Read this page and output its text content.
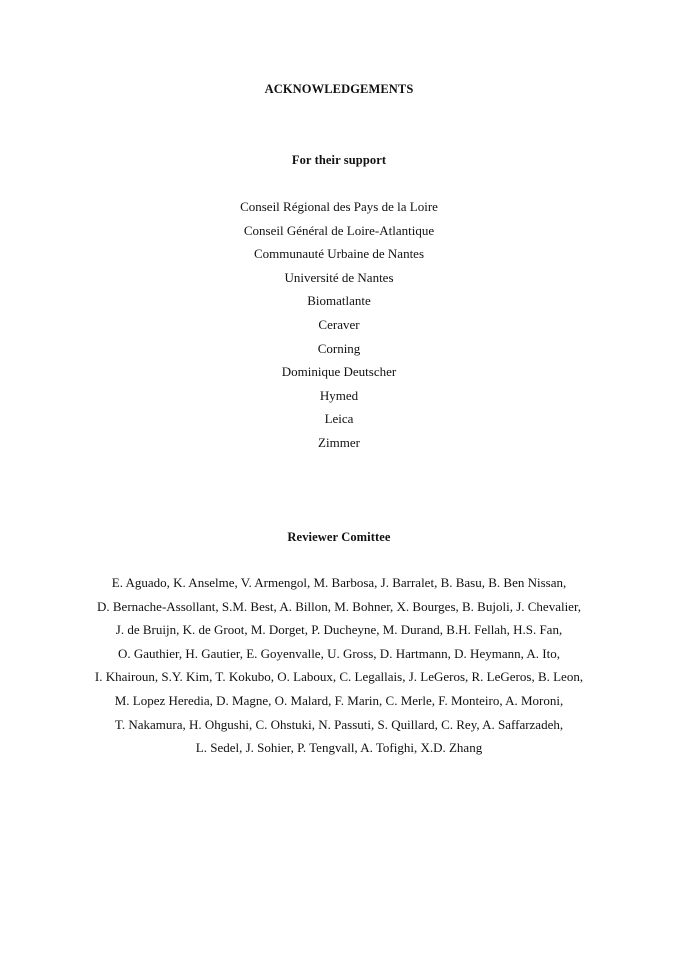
ACKNOWLEDGEMENTS
For their support
Conseil Régional des Pays de la Loire
Conseil Général de Loire-Atlantique
Communauté Urbaine de Nantes
Université de Nantes
Biomatlante
Ceraver
Corning
Dominique Deutscher
Hymed
Leica
Zimmer
Reviewer Comittee
E. Aguado, K. Anselme, V. Armengol, M. Barbosa, J. Barralet, B. Basu, B. Ben Nissan,
D. Bernache-Assollant, S.M. Best, A. Billon, M. Bohner, X. Bourges, B. Bujoli, J. Chevalier,
J. de Bruijn, K. de Groot, M. Dorget, P. Ducheyne, M. Durand, B.H. Fellah, H.S. Fan,
O. Gauthier, H. Gautier, E. Goyenvalle, U. Gross, D. Hartmann, D. Heymann, A. Ito,
I. Khairoun, S.Y. Kim, T. Kokubo, O. Laboux, C. Legallais, J. LeGeros, R. LeGeros, B. Leon,
M. Lopez Heredia, D. Magne, O. Malard, F. Marin, C. Merle, F. Monteiro, A. Moroni,
T. Nakamura, H. Ohgushi, C. Ohstuki, N. Passuti, S. Quillard, C. Rey, A. Saffarzadeh,
L. Sedel, J. Sohier, P. Tengvall, A. Tofighi, X.D. Zhang
